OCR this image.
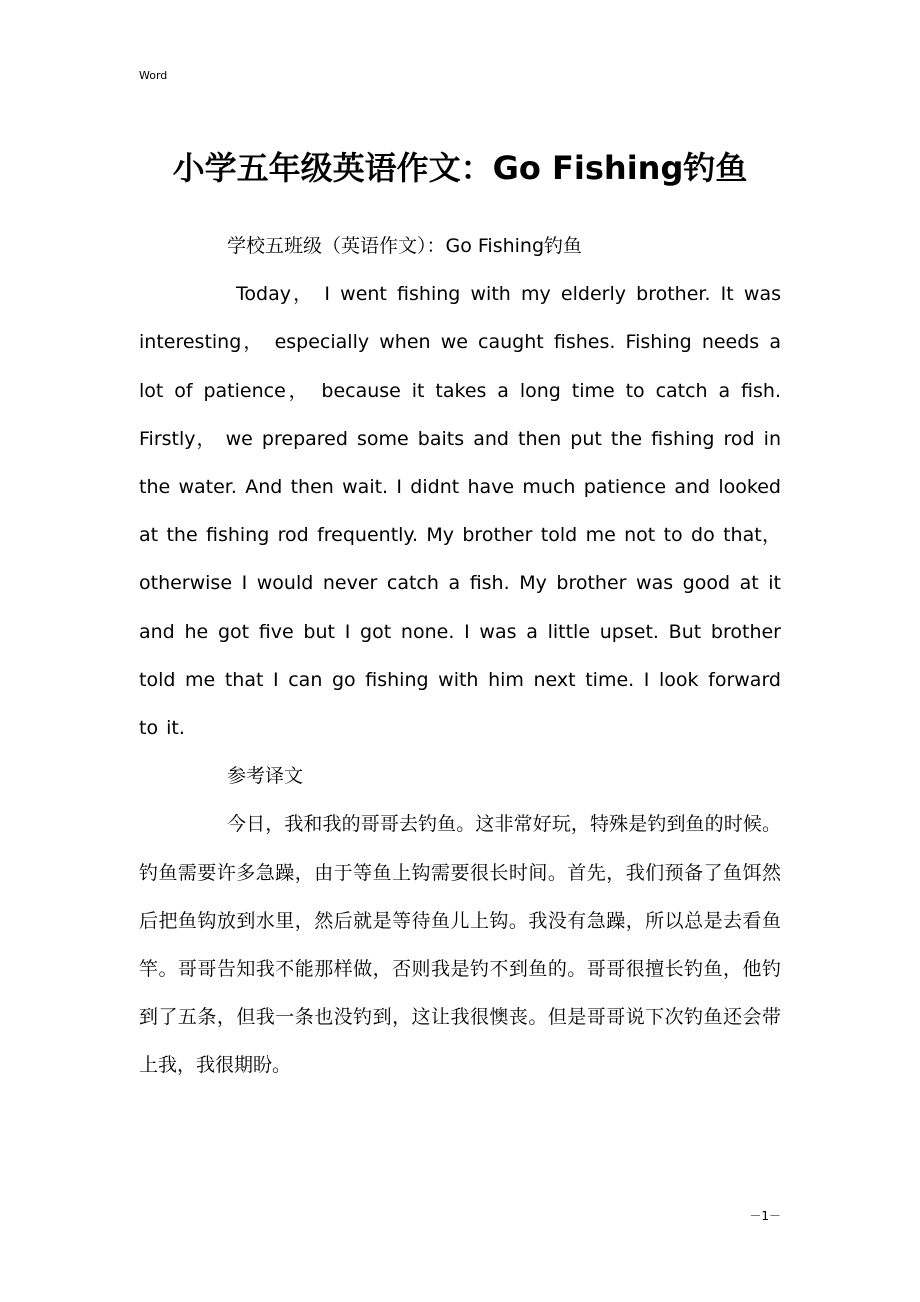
Word
小学五年级英语作文：Go Fishing钓鱼

学校五班级（英语作文）：Go Fishing钓鱼

Today， I went fishing with my elderly brother. It was interesting， especially when we caught fishes. Fishing needs a lot of patience， because it takes a long time to catch a fish. Firstly， we prepared some baits and then put the fishing rod in the water. And then wait. I didnt have much patience and looked at the fishing rod frequently. My brother told me not to do that， otherwise I would never catch a fish. My brother was good at it and he got five but I got none. I was a little upset. But brother told me that I can go fishing with him next time. I look forward to it.

参考译文

今日，我和我的哥哥去钓鱼。这非常好玩，特殊是钓到鱼的时候。钓鱼需要许多急躁，由于等鱼上钩需要很长时间。首先，我们预备了鱼饵然后把鱼钩放到水里，然后就是等待鱼儿上钩。我没有急躁，所以总是去看鱼竿。哥哥告知我不能那样做，否则我是钓不到鱼的。哥哥很擅长钓鱼，他钓到了五条，但我一条也没钓到，这让我很懊丧。但是哥哥说下次钓鱼还会带上我，我很期盼。

－1－
